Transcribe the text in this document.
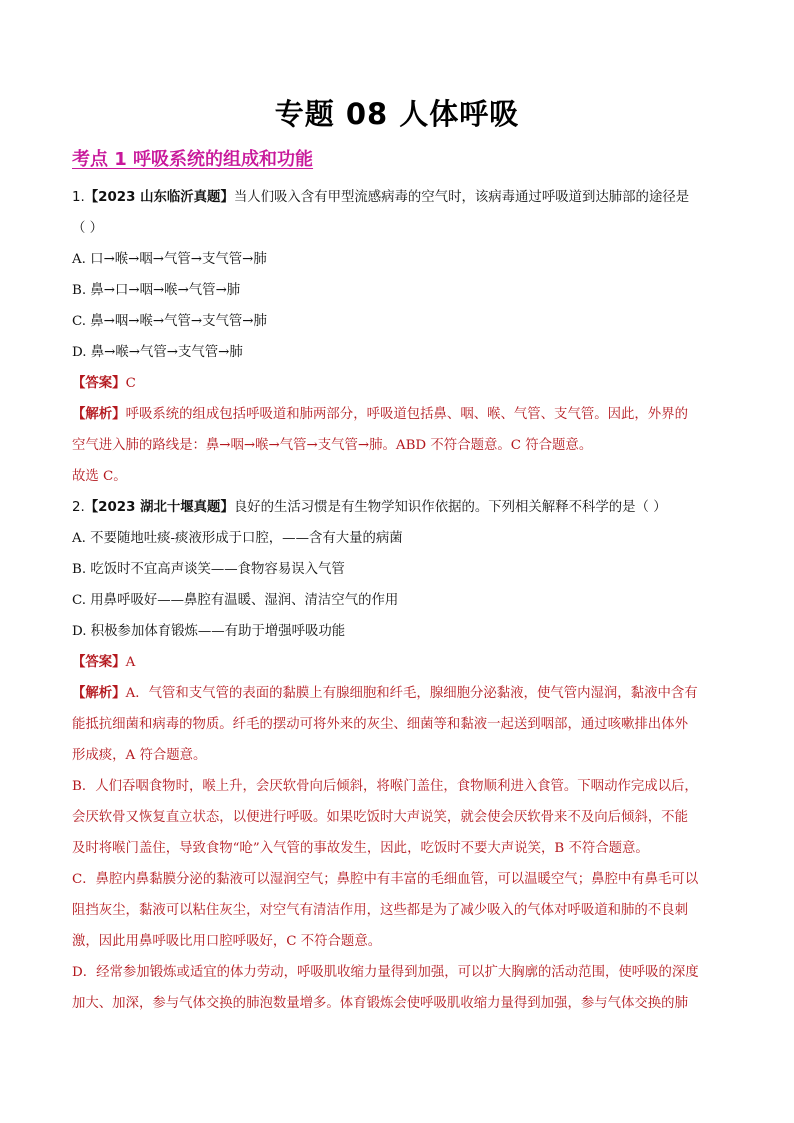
专题 08 人体呼吸
考点 1 呼吸系统的组成和功能
1.【2023 山东临沂真题】当人们吸入含有甲型流感病毒的空气时，该病毒通过呼吸道到达肺部的途径是
（ ）
A. 口→喉→咽→气管→支气管→肺
B. 鼻→口→咽→喉→气管→肺
C. 鼻→咽→喉→气管→支气管→肺
D. 鼻→喉→气管→支气管→肺
【答案】C
【解析】呼吸系统的组成包括呼吸道和肺两部分，呼吸道包括鼻、咽、喉、气管、支气管。因此，外界的
空气进入肺的路线是：鼻→咽→喉→气管→支气管→肺。ABD 不符合题意。C 符合题意。
故选 C。
2.【2023 湖北十堰真题】良好的生活习惯是有生物学知识作依据的。下列相关解释不科学的是（ ）
A. 不要随地吐痰-痰液形成于口腔，——含有大量的病菌
B. 吃饭时不宜高声谈笑——食物容易误入气管
C. 用鼻呼吸好——鼻腔有温暖、湿润、清洁空气的作用
D. 积极参加体育锻炼——有助于增强呼吸功能
【答案】A
【解析】A．气管和支气管的表面的黏膜上有腺细胞和纤毛，腺细胞分泌黏液，使气管内湿润，黏液中含有
能抵抗细菌和病毒的物质。纤毛的摆动可将外来的灰尘、细菌等和黏液一起送到咽部，通过咳嗽排出体外
形成痰，A 符合题意。
B．人们吞咽食物时，喉上升，会厌软骨向后倾斜，将喉门盖住，食物顺利进入食管。下咽动作完成以后，
会厌软骨又恢复直立状态，以便进行呼吸。如果吃饭时大声说笑，就会使会厌软骨来不及向后倾斜，不能
及时将喉门盖住，导致食物“呛”入气管的事故发生，因此，吃饭时不要大声说笑，B 不符合题意。
C．鼻腔内鼻黏膜分泌的黏液可以湿润空气；鼻腔中有丰富的毛细血管，可以温暖空气；鼻腔中有鼻毛可以
阻挡灰尘，黏液可以粘住灰尘，对空气有清洁作用，这些都是为了减少吸入的气体对呼吸道和肺的不良刺
激，因此用鼻呼吸比用口腔呼吸好，C 不符合题意。
D．经常参加锻炼或适宜的体力劳动，呼吸肌收缩力量得到加强，可以扩大胸廓的活动范围，使呼吸的深度
加大、加深，参与气体交换的肺泡数量增多。体育锻炼会使呼吸肌收缩力量得到加强，参与气体交换的肺
